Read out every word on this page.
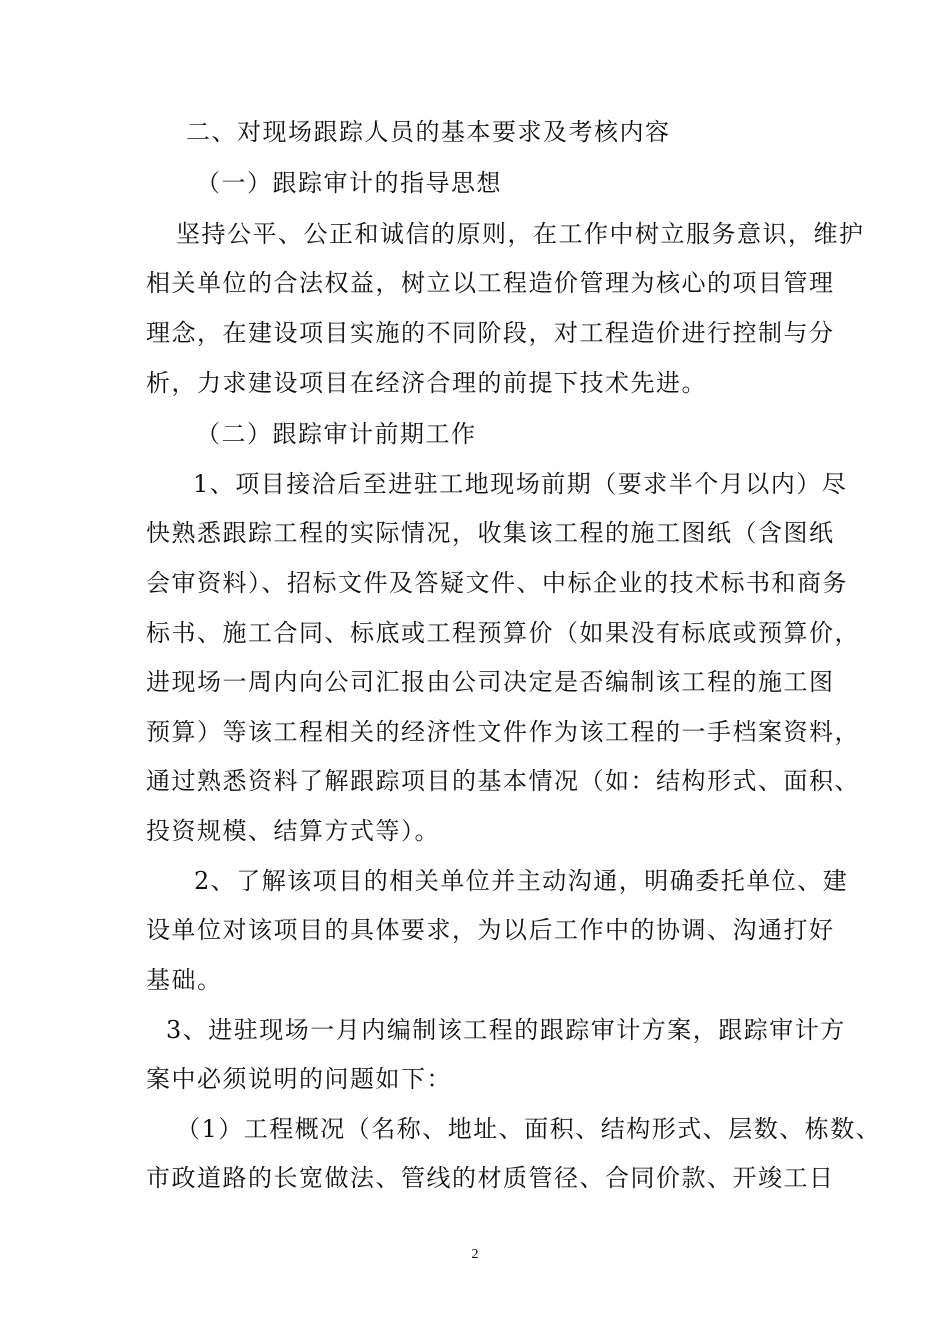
二、对现场跟踪人员的基本要求及考核内容
（一）跟踪审计的指导思想
坚持公平、公正和诚信的原则，在工作中树立服务意识，维护
相关单位的合法权益，树立以工程造价管理为核心的项目管理
理念，在建设项目实施的不同阶段，对工程造价进行控制与分
析，力求建设项目在经济合理的前提下技术先进。
（二）跟踪审计前期工作
1、项目接洽后至进驻工地现场前期（要求半个月以内）尽
快熟悉跟踪工程的实际情况，收集该工程的施工图纸（含图纸
会审资料）、招标文件及答疑文件、中标企业的技术标书和商务
标书、施工合同、标底或工程预算价（如果没有标底或预算价，
进现场一周内向公司汇报由公司决定是否编制该工程的施工图
预算）等该工程相关的经济性文件作为该工程的一手档案资料，
通过熟悉资料了解跟踪项目的基本情况（如：结构形式、面积、
投资规模、结算方式等）。
2、了解该项目的相关单位并主动沟通，明确委托单位、建
设单位对该项目的具体要求，为以后工作中的协调、沟通打好
基础。
3、进驻现场一月内编制该工程的跟踪审计方案，跟踪审计方
案中必须说明的问题如下：
（1）工程概况（名称、地址、面积、结构形式、层数、栋数、
市政道路的长宽做法、管线的材质管径、合同价款、开竣工日
2
